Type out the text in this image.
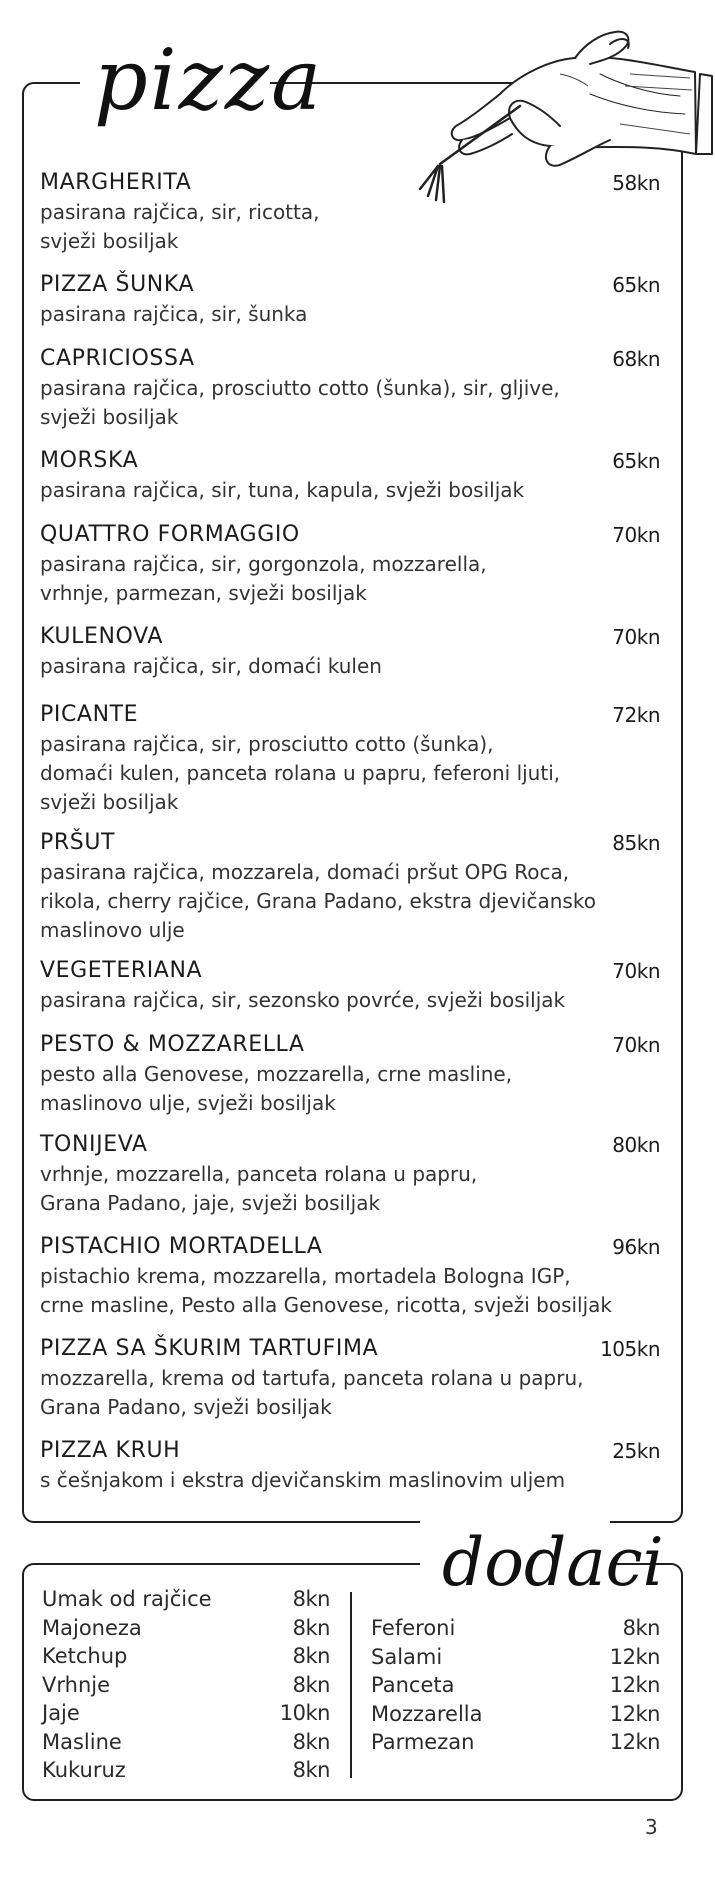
pizza
MARGHERITA	58kn
pasirana rajčica, sir, ricotta,
svježi bosiljak
PIZZA ŠUNKA	65kn
pasirana rajčica, sir, šunka
CAPRICIOSSA	68kn
pasirana rajčica, prosciutto cotto (šunka), sir, gljive,
svježi bosiljak
MORSKA	65kn
pasirana rajčica, sir, tuna, kapula, svježi bosiljak
QUATTRO FORMAGGIO	70kn
pasirana rajčica, sir, gorgonzola, mozzarella,
vrhnje, parmezan, svježi bosiljak
KULENOVA	70kn
pasirana rajčica, sir, domaći kulen
PICANTE	72kn
pasirana rajčica, sir, prosciutto cotto (šunka),
domaći kulen, panceta rolana u papru, feferoni ljuti,
svježi bosiljak
PRŠUT	85kn
pasirana rajčica, mozzarela, domaći pršut OPG Roca,
rikola, cherry rajčice, Grana Padano, ekstra djevičansko
maslinovo ulje
VEGETERIANA	70kn
pasirana rajčica, sir, sezonsko povrće, svježi bosiljak
PESTO & MOZZARELLA	70kn
pesto alla Genovese, mozzarella, crne masline,
maslinovo ulje, svježi bosiljak
TONIJEVA	80kn
vrhnje, mozzarella, panceta rolana u papru,
Grana Padano, jaje, svježi bosiljak
PISTACHIO MORTADELLA	96kn
pistachio krema, mozzarella, mortadela Bologna IGP,
crne masline, Pesto alla Genovese, ricotta, svježi bosiljak
PIZZA SA ŠKURIM TARTUFIMA	105kn
mozzarella, krema od tartufa, panceta rolana u papru,
Grana Padano, svježi bosiljak
PIZZA KRUH	25kn
s češnjakom i ekstra djevičanskim maslinovim uljem
dodaci
Umak od rajčice	8kn
Majoneza	8kn
Ketchup	8kn
Vrhnje	8kn
Jaje	10kn
Masline	8kn
Kukuruz	8kn
Feferoni	8kn
Salami	12kn
Panceta	12kn
Mozzarella	12kn
Parmezan	12kn
3
